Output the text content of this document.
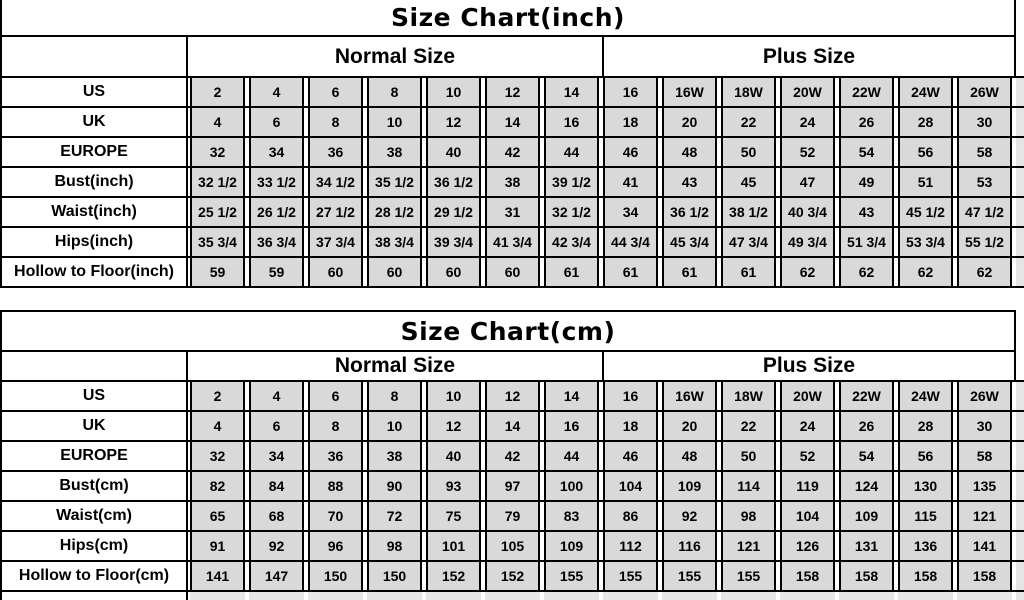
Size Chart(inch)
Normal Size	Plus Size
US	2	4	6	8	10	12	14	16	16W	18W	20W	22W	24W	26W
UK	4	6	8	10	12	14	16	18	20	22	24	26	28	30
EUROPE	32	34	36	38	40	42	44	46	48	50	52	54	56	58
Bust(inch)	32 1/2	33 1/2	34 1/2	35 1/2	36 1/2	38	39 1/2	41	43	45	47	49	51	53
Waist(inch)	25 1/2	26 1/2	27 1/2	28 1/2	29 1/2	31	32 1/2	34	36 1/2	38 1/2	40 3/4	43	45 1/2	47 1/2
Hips(inch)	35 3/4	36 3/4	37 3/4	38 3/4	39 3/4	41 3/4	42 3/4	44 3/4	45 3/4	47 3/4	49 3/4	51 3/4	53 3/4	55 1/2
Hollow to Floor(inch)	59	59	60	60	60	60	61	61	61	61	62	62	62	62
Size Chart(cm)
Normal Size	Plus Size
US	2	4	6	8	10	12	14	16	16W	18W	20W	22W	24W	26W
UK	4	6	8	10	12	14	16	18	20	22	24	26	28	30
EUROPE	32	34	36	38	40	42	44	46	48	50	52	54	56	58
Bust(cm)	82	84	88	90	93	97	100	104	109	114	119	124	130	135
Waist(cm)	65	68	70	72	75	79	83	86	92	98	104	109	115	121
Hips(cm)	91	92	96	98	101	105	109	112	116	121	126	131	136	141
Hollow to Floor(cm)	141	147	150	150	152	152	155	155	155	155	158	158	158	158
